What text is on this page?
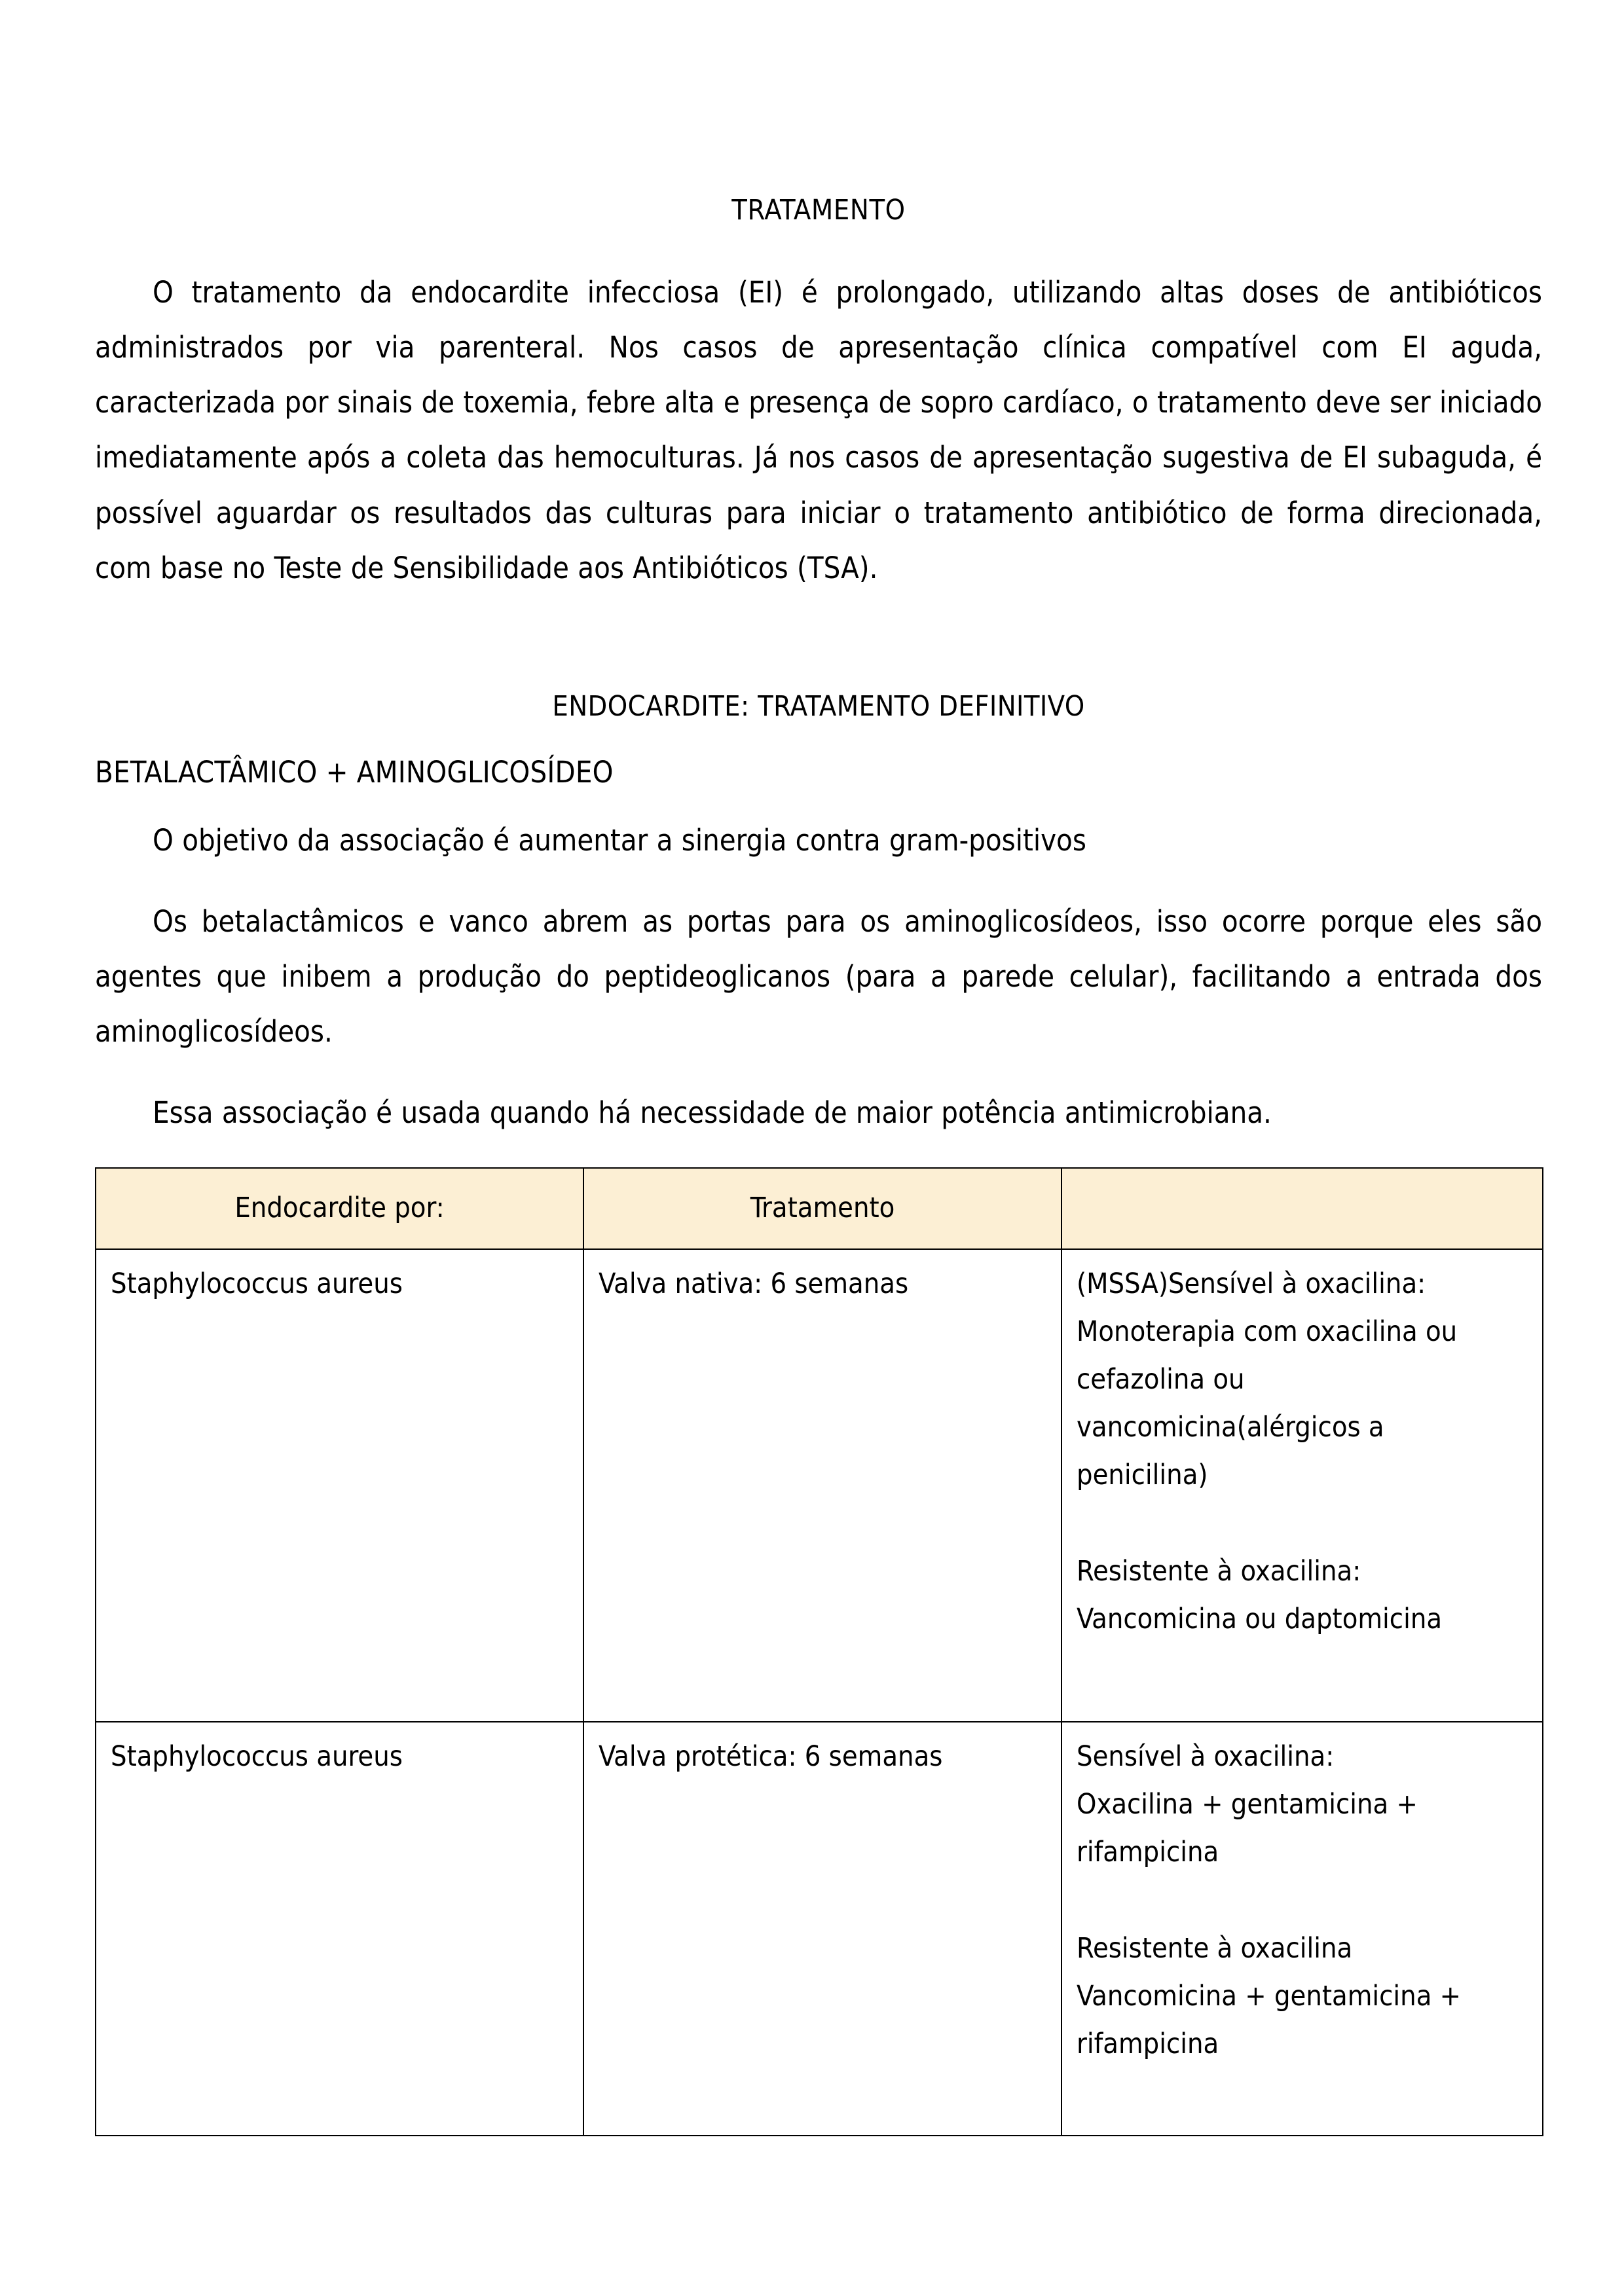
TRATAMENTO

O tratamento da endocardite infecciosa (EI) é prolongado, utilizando altas doses de antibióticos administrados por via parenteral. Nos casos de apresentação clínica compatível com EI aguda, caracterizada por sinais de toxemia, febre alta e presença de sopro cardíaco, o tratamento deve ser iniciado imediatamente após a coleta das hemoculturas. Já nos casos de apresentação sugestiva de EI subaguda, é possível aguardar os resultados das culturas para iniciar o tratamento antibiótico de forma direcionada, com base no Teste de Sensibilidade aos Antibióticos (TSA).

ENDOCARDITE: TRATAMENTO DEFINITIVO
BETALACTÂMICO + AMINOGLICOSÍDEO

O objetivo da associação é aumentar a sinergia contra gram-positivos

Os betalactâmicos e vanco abrem as portas para os aminoglicosídeos, isso ocorre porque eles são agentes que inibem a produção do peptideoglicanos (para a parede celular), facilitando a entrada dos aminoglicosídeos.

Essa associação é usada quando há necessidade de maior potência antimicrobiana.

Endocardite por:	Tratamento	
Staphylococcus aureus	Valva nativa: 6 semanas	(MSSA)Sensível à oxacilina:
Monoterapia com oxacilina ou
cefazolina ou
vancomicina(alérgicos a
penicilina)
Resistente à oxacilina:
Vancomicina ou daptomicina

Staphylococcus aureus	Valva protética: 6 semanas	Sensível à oxacilina:
Oxacilina + gentamicina +
rifampicina
Resistente à oxacilina
Vancomicina + gentamicina +
rifampicina
